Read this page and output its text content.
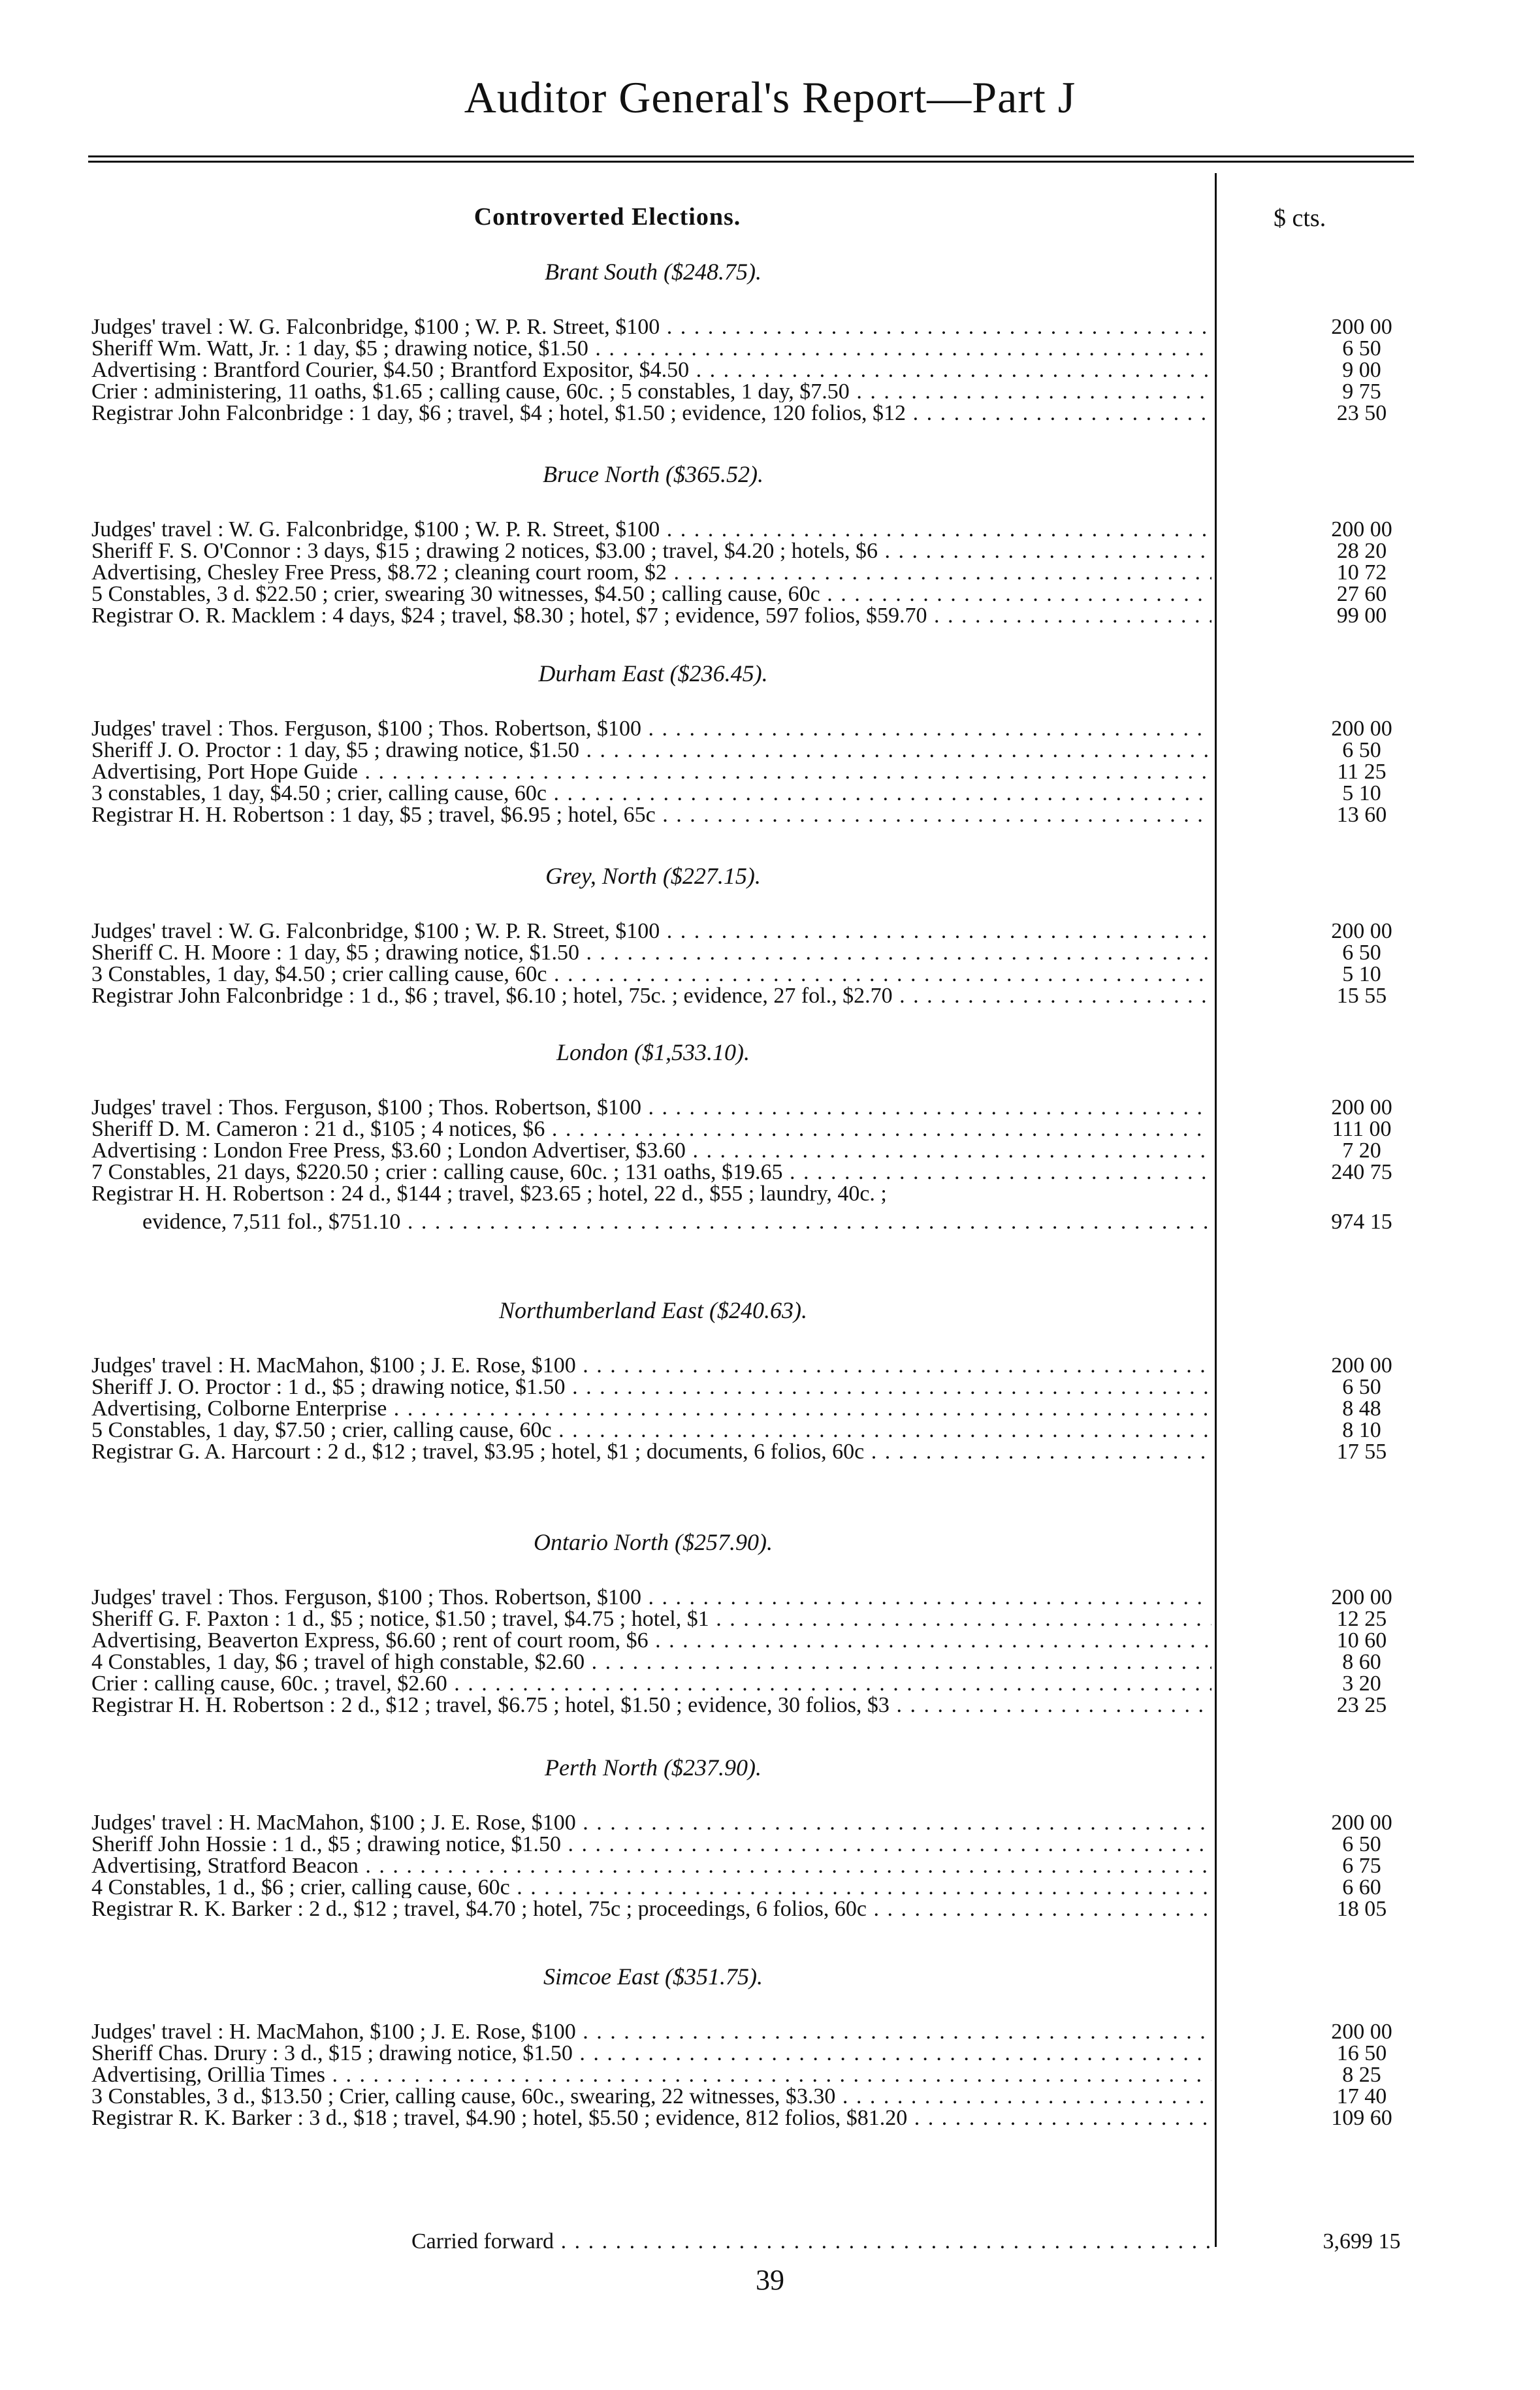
Auditor General's Report—Part J
Controverted Elections.	$ cts.
Brant South ($248.75).
Judges' travel : W. G. Falconbridge, $100 ; W. P. R. Street, $100 . . .	200 00
Sheriff Wm. Watt, Jr. : 1 day, $5 ; drawing notice, $1.50 . . .	6 50
Advertising : Brantford Courier, $4.50 ; Brantford Expositor, $4.50 . . .	9 00
Crier : administering, 11 oaths, $1.65 ; calling cause, 60c. ; 5 constables, 1 day, $7.50 . . .	9 75
Registrar John Falconbridge : 1 day, $6 ; travel, $4 ; hotel, $1.50 ; evidence, 120 folios, $12 . . .	23 50
Bruce North ($365.52).
Judges' travel : W. G. Falconbridge, $100 ; W. P. R. Street, $100 . . .	200 00
Sheriff F. S. O'Connor : 3 days, $15 ; drawing 2 notices, $3.00 ; travel, $4.20 ; hotels, $6 . . .	28 20
Advertising, Chesley Free Press, $8.72 ; cleaning court room, $2 . . .	10 72
5 Constables, 3 d. $22.50 ; crier, swearing 30 witnesses, $4.50 ; calling cause, 60c . . .	27 60
Registrar O. R. Macklem : 4 days, $24 ; travel, $8.30 ; hotel, $7 ; evidence, 597 folios, $59.70 . . .	99 00
Durham East ($236.45).
Judges' travel : Thos. Ferguson, $100 ; Thos. Robertson, $100 . . .	200 00
Sheriff J. O. Proctor : 1 day, $5 ; drawing notice, $1.50 . . .	6 50
Advertising, Port Hope Guide . . .	11 25
3 constables, 1 day, $4.50 ; crier, calling cause, 60c . . .	5 10
Registrar H. H. Robertson : 1 day, $5 ; travel, $6.95 ; hotel, 65c . . .	13 60
Grey, North ($227.15).
Judges' travel : W. G. Falconbridge, $100 ; W. P. R. Street, $100 . . .	200 00
Sheriff C. H. Moore : 1 day, $5 ; drawing notice, $1.50 . . .	6 50
3 Constables, 1 day, $4.50 ; crier calling cause, 60c . . .	5 10
Registrar John Falconbridge : 1 d., $6 ; travel, $6.10 ; hotel, 75c. ; evidence, 27 fol., $2.70 . . .	15 55
London ($1,533.10).
Judges' travel : Thos. Ferguson, $100 ; Thos. Robertson, $100 . . .	200 00
Sheriff D. M. Cameron : 21 d., $105 ; 4 notices, $6 . . .	111 00
Advertising : London Free Press, $3.60 ; London Advertiser, $3.60 . . .	7 20
7 Constables, 21 days, $220.50 ; crier : calling cause, 60c. ; 131 oaths, $19.65 . . .	240 75
Registrar H. H. Robertson : 24 d., $144 ; travel, $23.65 ; hotel, 22 d., $55 ; laundry, 40c. ;
evidence, 7,511 fol., $751.10 . . .	974 15
Northumberland East ($240.63).
Judges' travel : H. MacMahon, $100 ; J. E. Rose, $100 . . .	200 00
Sheriff J. O. Proctor : 1 d., $5 ; drawing notice, $1.50 . . .	6 50
Advertising, Colborne Enterprise . . .	8 48
5 Constables, 1 day, $7.50 ; crier, calling cause, 60c . . .	8 10
Registrar G. A. Harcourt : 2 d., $12 ; travel, $3.95 ; hotel, $1 ; documents, 6 folios, 60c . . .	17 55
Ontario North ($257.90).
Judges' travel : Thos. Ferguson, $100 ; Thos. Robertson, $100 . . .	200 00
Sheriff G. F. Paxton : 1 d., $5 ; notice, $1.50 ; travel, $4.75 ; hotel, $1 . . .	12 25
Advertising, Beaverton Express, $6.60 ; rent of court room, $6 . . .	10 60
4 Constables, 1 day, $6 ; travel of high constable, $2.60 . . .	8 60
Crier : calling cause, 60c. ; travel, $2.60 . . .	3 20
Registrar H. H. Robertson : 2 d., $12 ; travel, $6.75 ; hotel, $1.50 ; evidence, 30 folios, $3 . . .	23 25
Perth North ($237.90).
Judges' travel : H. MacMahon, $100 ; J. E. Rose, $100 . . .	200 00
Sheriff John Hossie : 1 d., $5 ; drawing notice, $1.50 . . .	6 50
Advertising, Stratford Beacon . . .	6 75
4 Constables, 1 d., $6 ; crier, calling cause, 60c . . .	6 60
Registrar R. K. Barker : 2 d., $12 ; travel, $4.70 ; hotel, 75c ; proceedings, 6 folios, 60c . . .	18 05
Simcoe East ($351.75).
Judges' travel : H. MacMahon, $100 ; J. E. Rose, $100 . . .	200 00
Sheriff Chas. Drury : 3 d., $15 ; drawing notice, $1.50 . . .	16 50
Advertising, Orillia Times . . .	8 25
3 Constables, 3 d., $13.50 ; Crier, calling cause, 60c., swearing, 22 witnesses, $3.30 . . .	17 40
Registrar R. K. Barker : 3 d., $18 ; travel, $4.90 ; hotel, $5.50 ; evidence, 812 folios, $81.20 . . .	109 60
Carried forward . . .	3,699 15
39
